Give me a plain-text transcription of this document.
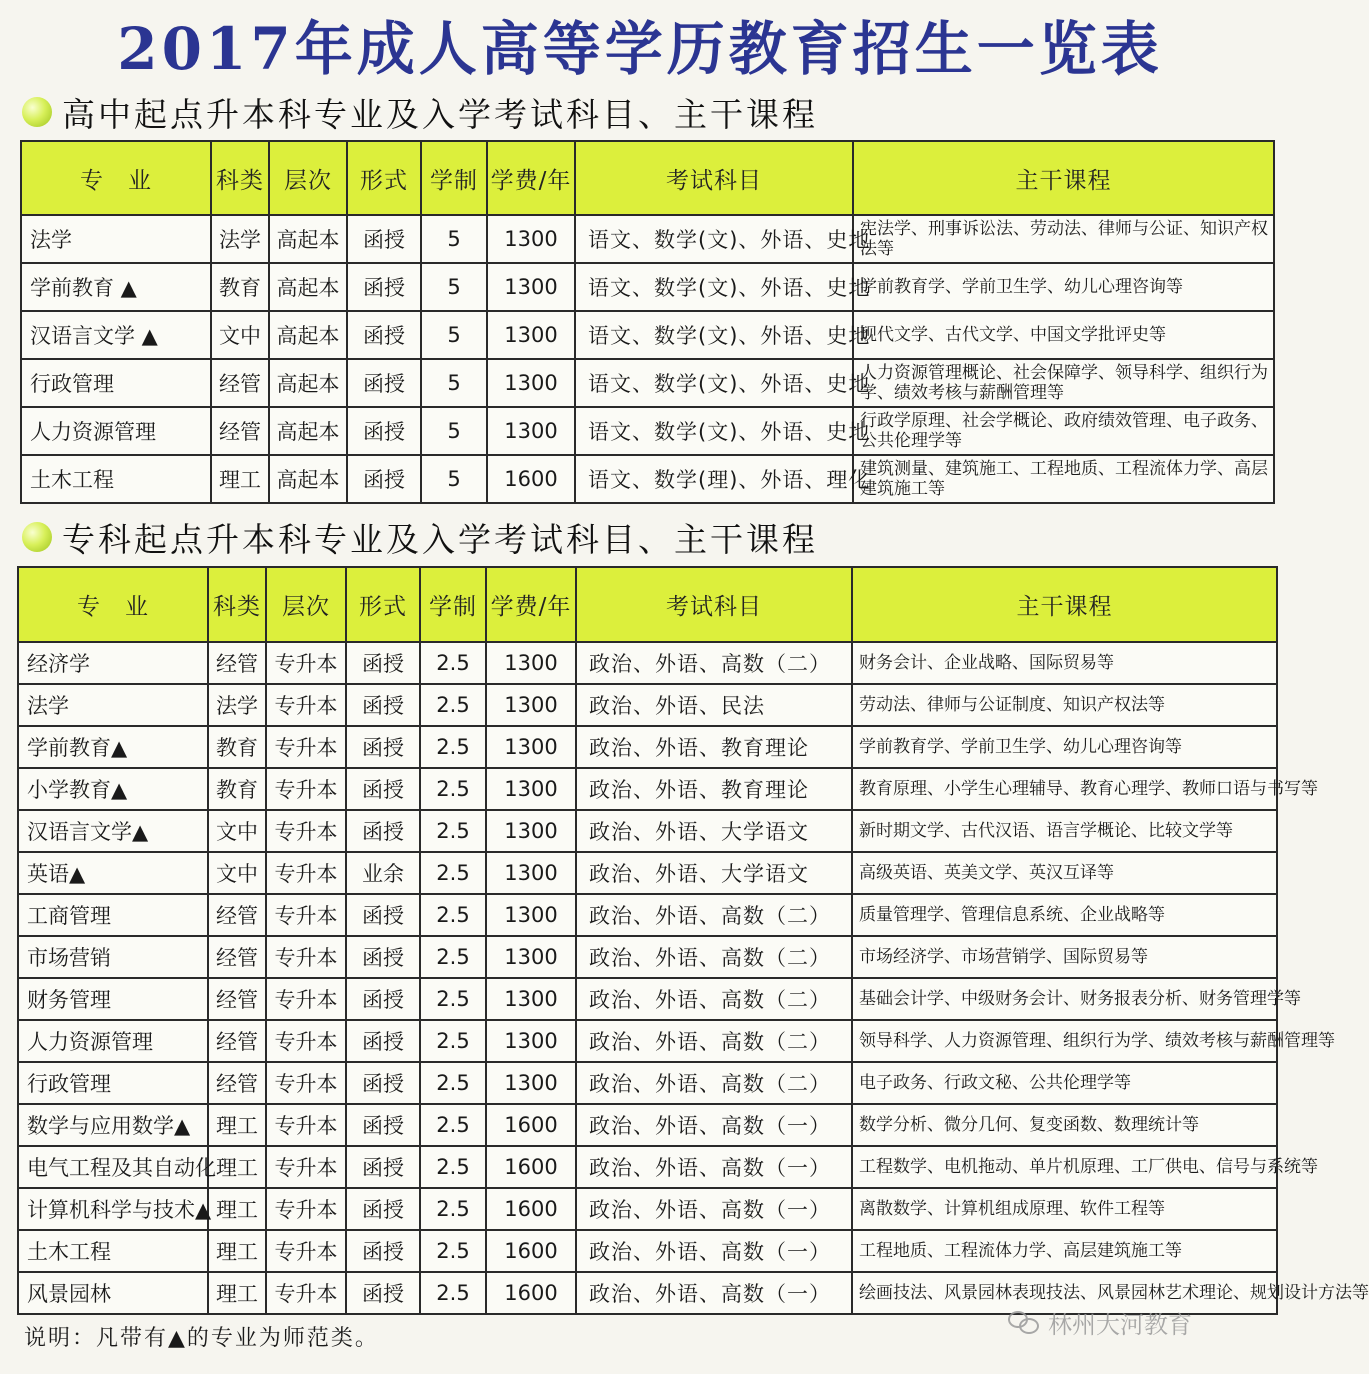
2017年成人高等学历教育招生一览表
高中起点升本科专业及入学考试科目、主干课程
专　业	科类	层次	形式	学制	学费/年	考试科目	主干课程
法学	法学	高起本	函授	5	1300	语文、数学(文)、外语、史地	宪法学、刑事诉讼法、劳动法、律师与公证、知识产权法等
学前教育 ▲	教育	高起本	函授	5	1300	语文、数学(文)、外语、史地	学前教育学、学前卫生学、幼儿心理咨询等
汉语言文学 ▲	文中	高起本	函授	5	1300	语文、数学(文)、外语、史地	现代文学、古代文学、中国文学批评史等
行政管理	经管	高起本	函授	5	1300	语文、数学(文)、外语、史地	人力资源管理概论、社会保障学、领导科学、组织行为学、绩效考核与薪酬管理等
人力资源管理	经管	高起本	函授	5	1300	语文、数学(文)、外语、史地	行政学原理、社会学概论、政府绩效管理、电子政务、公共伦理学等
土木工程	理工	高起本	函授	5	1600	语文、数学(理)、外语、理化	建筑测量、建筑施工、工程地质、工程流体力学、高层建筑施工等
专科起点升本科专业及入学考试科目、主干课程
专　业	科类	层次	形式	学制	学费/年	考试科目	主干课程
经济学	经管	专升本	函授	2.5	1300	政治、外语、高数（二）	财务会计、企业战略、国际贸易等
法学	法学	专升本	函授	2.5	1300	政治、外语、民法	劳动法、律师与公证制度、知识产权法等
学前教育▲	教育	专升本	函授	2.5	1300	政治、外语、教育理论	学前教育学、学前卫生学、幼儿心理咨询等
小学教育▲	教育	专升本	函授	2.5	1300	政治、外语、教育理论	教育原理、小学生心理辅导、教育心理学、教师口语与书写等
汉语言文学▲	文中	专升本	函授	2.5	1300	政治、外语、大学语文	新时期文学、古代汉语、语言学概论、比较文学等
英语▲	文中	专升本	业余	2.5	1300	政治、外语、大学语文	高级英语、英美文学、英汉互译等
工商管理	经管	专升本	函授	2.5	1300	政治、外语、高数（二）	质量管理学、管理信息系统、企业战略等
市场营销	经管	专升本	函授	2.5	1300	政治、外语、高数（二）	市场经济学、市场营销学、国际贸易等
财务管理	经管	专升本	函授	2.5	1300	政治、外语、高数（二）	基础会计学、中级财务会计、财务报表分析、财务管理学等
人力资源管理	经管	专升本	函授	2.5	1300	政治、外语、高数（二）	领导科学、人力资源管理、组织行为学、绩效考核与薪酬管理等
行政管理	经管	专升本	函授	2.5	1300	政治、外语、高数（二）	电子政务、行政文秘、公共伦理学等
数学与应用数学▲	理工	专升本	函授	2.5	1600	政治、外语、高数（一）	数学分析、微分几何、复变函数、数理统计等
电气工程及其自动化	理工	专升本	函授	2.5	1600	政治、外语、高数（一）	工程数学、电机拖动、单片机原理、工厂供电、信号与系统等
计算机科学与技术▲	理工	专升本	函授	2.5	1600	政治、外语、高数（一）	离散数学、计算机组成原理、软件工程等
土木工程	理工	专升本	函授	2.5	1600	政治、外语、高数（一）	工程地质、工程流体力学、高层建筑施工等
风景园林	理工	专升本	函授	2.5	1600	政治、外语、高数（一）	绘画技法、风景园林表现技法、风景园林艺术理论、规划设计方法等
说明：凡带有▲的专业为师范类。	林州大河教育
